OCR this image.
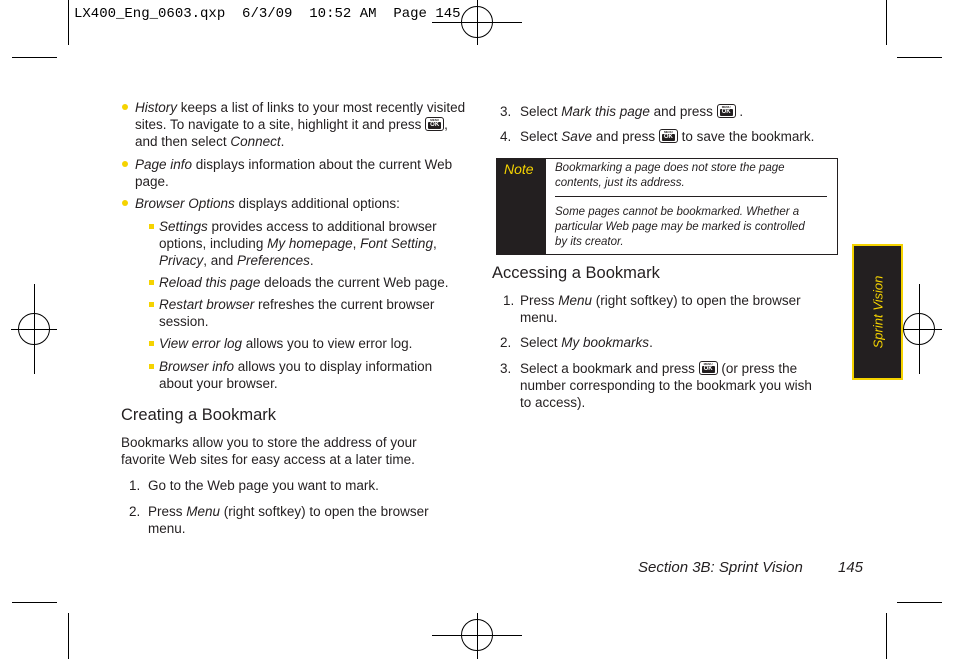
LX400_Eng_0603.qxp 6/3/09 10:52 AM Page 145
History keeps a list of links to your most recently visited
sites. To navigate to a site, highlight it and press	MENU
OK ,
and then select Connect.
Page info displays information about the current Web
page.
Browser Options displays additional options:
Settings provides access to additional browser
options, including My homepage, Font Setting,
Privacy, and Preferences.
Reload this page deloads the current Web page.
Restart browser refreshes the current browser
session.
View error log allows you to view error log.
Browser info allows you to display information
about your browser.
Creating a Bookmark
Bookmarks allow you to store the address of your
favorite Web sites for easy access at a later time.
1. Go to the Web page you want to mark.
2. Press Menu (right softkey) to open the browser
menu.
3. Select Mark this page and press	MENU
OK .
4. Select Save and press	MENU
OK to save the bookmark.
Note Bookmarking a page does not store the page
contents, just its address.
Some pages cannot be bookmarked. Whether a
particular Web page may be marked is controlled
by its creator.
Accessing a Bookmark
1. Press Menu (right softkey) to open the browser
menu.
2. Select My bookmarks.
3. Select a bookmark and press	MENU
OK (or press the
number corresponding to the bookmark you wish
to access).
Sprint Vision
Section 3B: Sprint Vision 145
